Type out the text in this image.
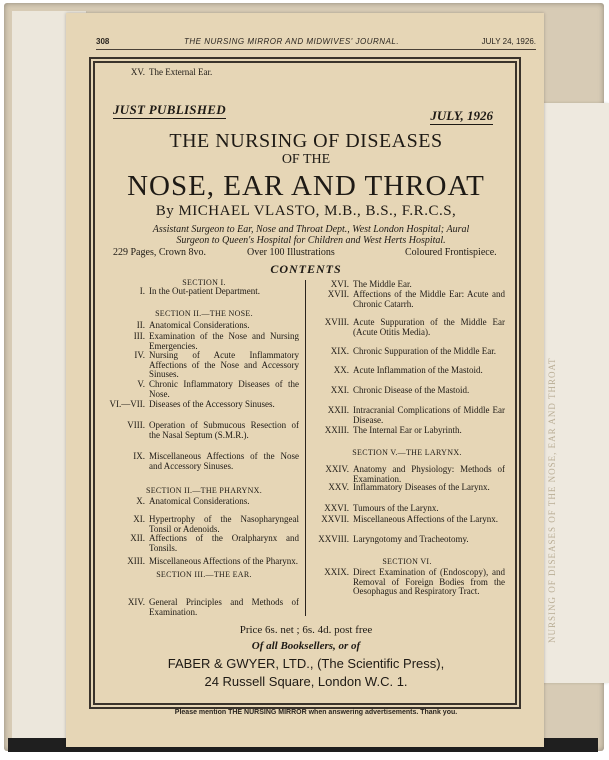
NURSING OF DISEASES OF THE NOSE, EAR AND THROAT
308	THE NURSING MIRROR AND MIDWIVES' JOURNAL.	JULY 24, 1926.
JUST PUBLISHED	JULY, 1926
THE NURSING OF DISEASES
OF THE
NOSE, EAR AND THROAT
By MICHAEL VLASTO, M.B., B.S., F.R.C.S,
Assistant Surgeon to Ear, Nose and Throat Dept., West London Hospital; Aural
Surgeon to Queen's Hospital for Children and West Herts Hospital.
229 Pages, Crown 8vo.	Over 100 Illustrations	Coloured Frontispiece.
CONTENTS
SECTION I.
I. In the Out-patient Department.
SECTION II.—THE NOSE.
II. Anatomical Considerations.
III. Examination of the Nose and Nursing Emergencies.
IV. Nursing of Acute Inflammatory Affections of the Nose and Accessory Sinuses.
V. Chronic Inflammatory Diseases of the Nose.
VI.—VII. Diseases of the Accessory Sinuses.
VIII. Operation of Submucous Resection of the Nasal Septum (S.M.R.).
IX. Miscellaneous Affections of the Nose and Accessory Sinuses.
SECTION II.—THE PHARYNX.
X. Anatomical Considerations.
XI. Hypertrophy of the Nasopharyngeal Tonsil or Adenoids.
XII. Affections of the Oralpharynx and Tonsils.
XIII. Miscellaneous Affections of the Pharynx.
SECTION III.—THE EAR.
XIV. General Principles and Methods of Examination.
XV. The External Ear.
XVI. The Middle Ear.
XVII. Affections of the Middle Ear: Acute and Chronic Catarrh.
XVIII. Acute Suppuration of the Middle Ear (Acute Otitis Media).
XIX. Chronic Suppuration of the Middle Ear.
XX. Acute Inflammation of the Mastoid.
XXI. Chronic Disease of the Mastoid.
XXII. Intracranial Complications of Middle Ear Disease.
XXIII. The Internal Ear or Labyrinth.
SECTION V.—THE LARYNX.
XXIV. Anatomy and Physiology: Methods of Examination.
XXV. Inflammatory Diseases of the Larynx.
XXVI. Tumours of the Larynx.
XXVII. Miscellaneous Affections of the Larynx.
XXVIII. Laryngotomy and Tracheotomy.
SECTION VI.
XXIX. Direct Examination of (Endoscopy), and Removal of Foreign Bodies from the Oesophagus and Respiratory Tract.
Price 6s. net ; 6s. 4d. post free
Of all Booksellers, or of
FABER & GWYER, LTD., (The Scientific Press),
24 Russell Square, London W.C. 1.
Please mention THE NURSING MIRROR when answering advertisements. Thank you.
